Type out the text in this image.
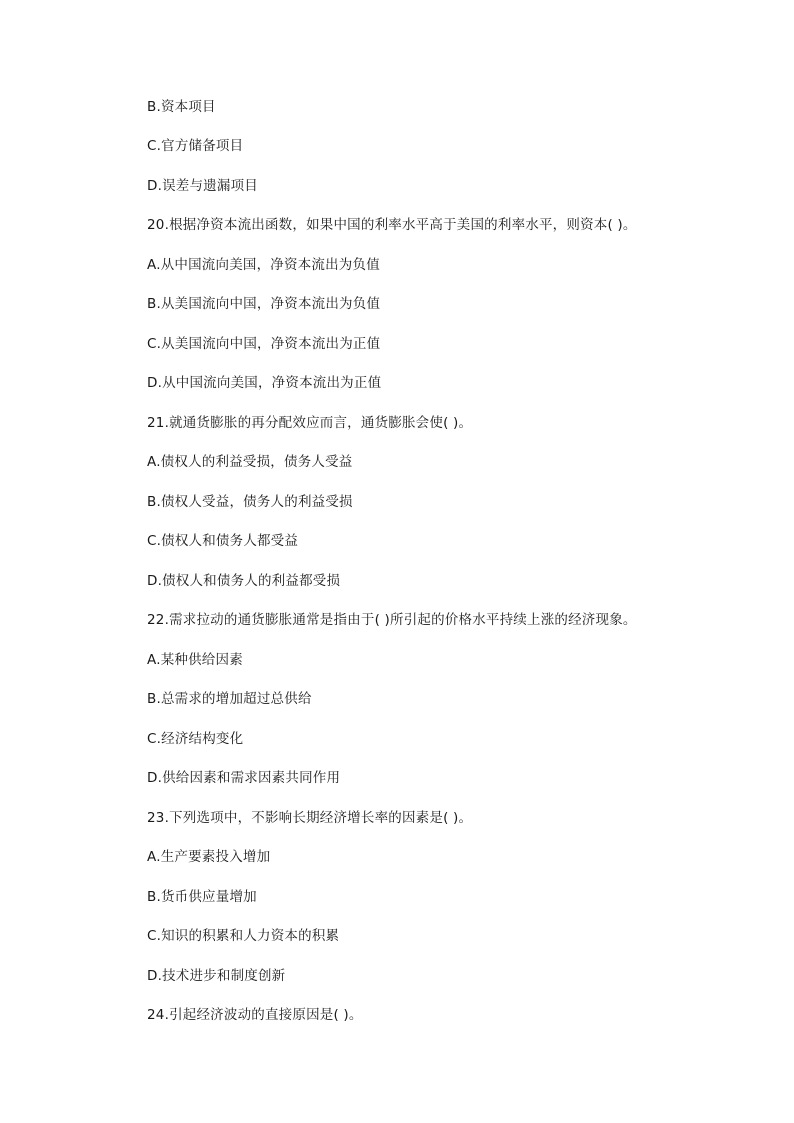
B.资本项目
C.官方储备项目
D.误差与遗漏项目
20.根据净资本流出函数，如果中国的利率水平高于美国的利率水平，则资本( )。
A.从中国流向美国，净资本流出为负值
B.从美国流向中国，净资本流出为负值
C.从美国流向中国，净资本流出为正值
D.从中国流向美国，净资本流出为正值
21.就通货膨胀的再分配效应而言，通货膨胀会使( )。
A.债权人的利益受损，债务人受益
B.债权人受益，债务人的利益受损
C.债权人和债务人都受益
D.债权人和债务人的利益都受损
22.需求拉动的通货膨胀通常是指由于( )所引起的价格水平持续上涨的经济现象。
A.某种供给因素
B.总需求的增加超过总供给
C.经济结构变化
D.供给因素和需求因素共同作用
23.下列选项中，不影响长期经济增长率的因素是( )。
A.生产要素投入增加
B.货币供应量增加
C.知识的积累和人力资本的积累
D.技术进步和制度创新
24.引起经济波动的直接原因是( )。
